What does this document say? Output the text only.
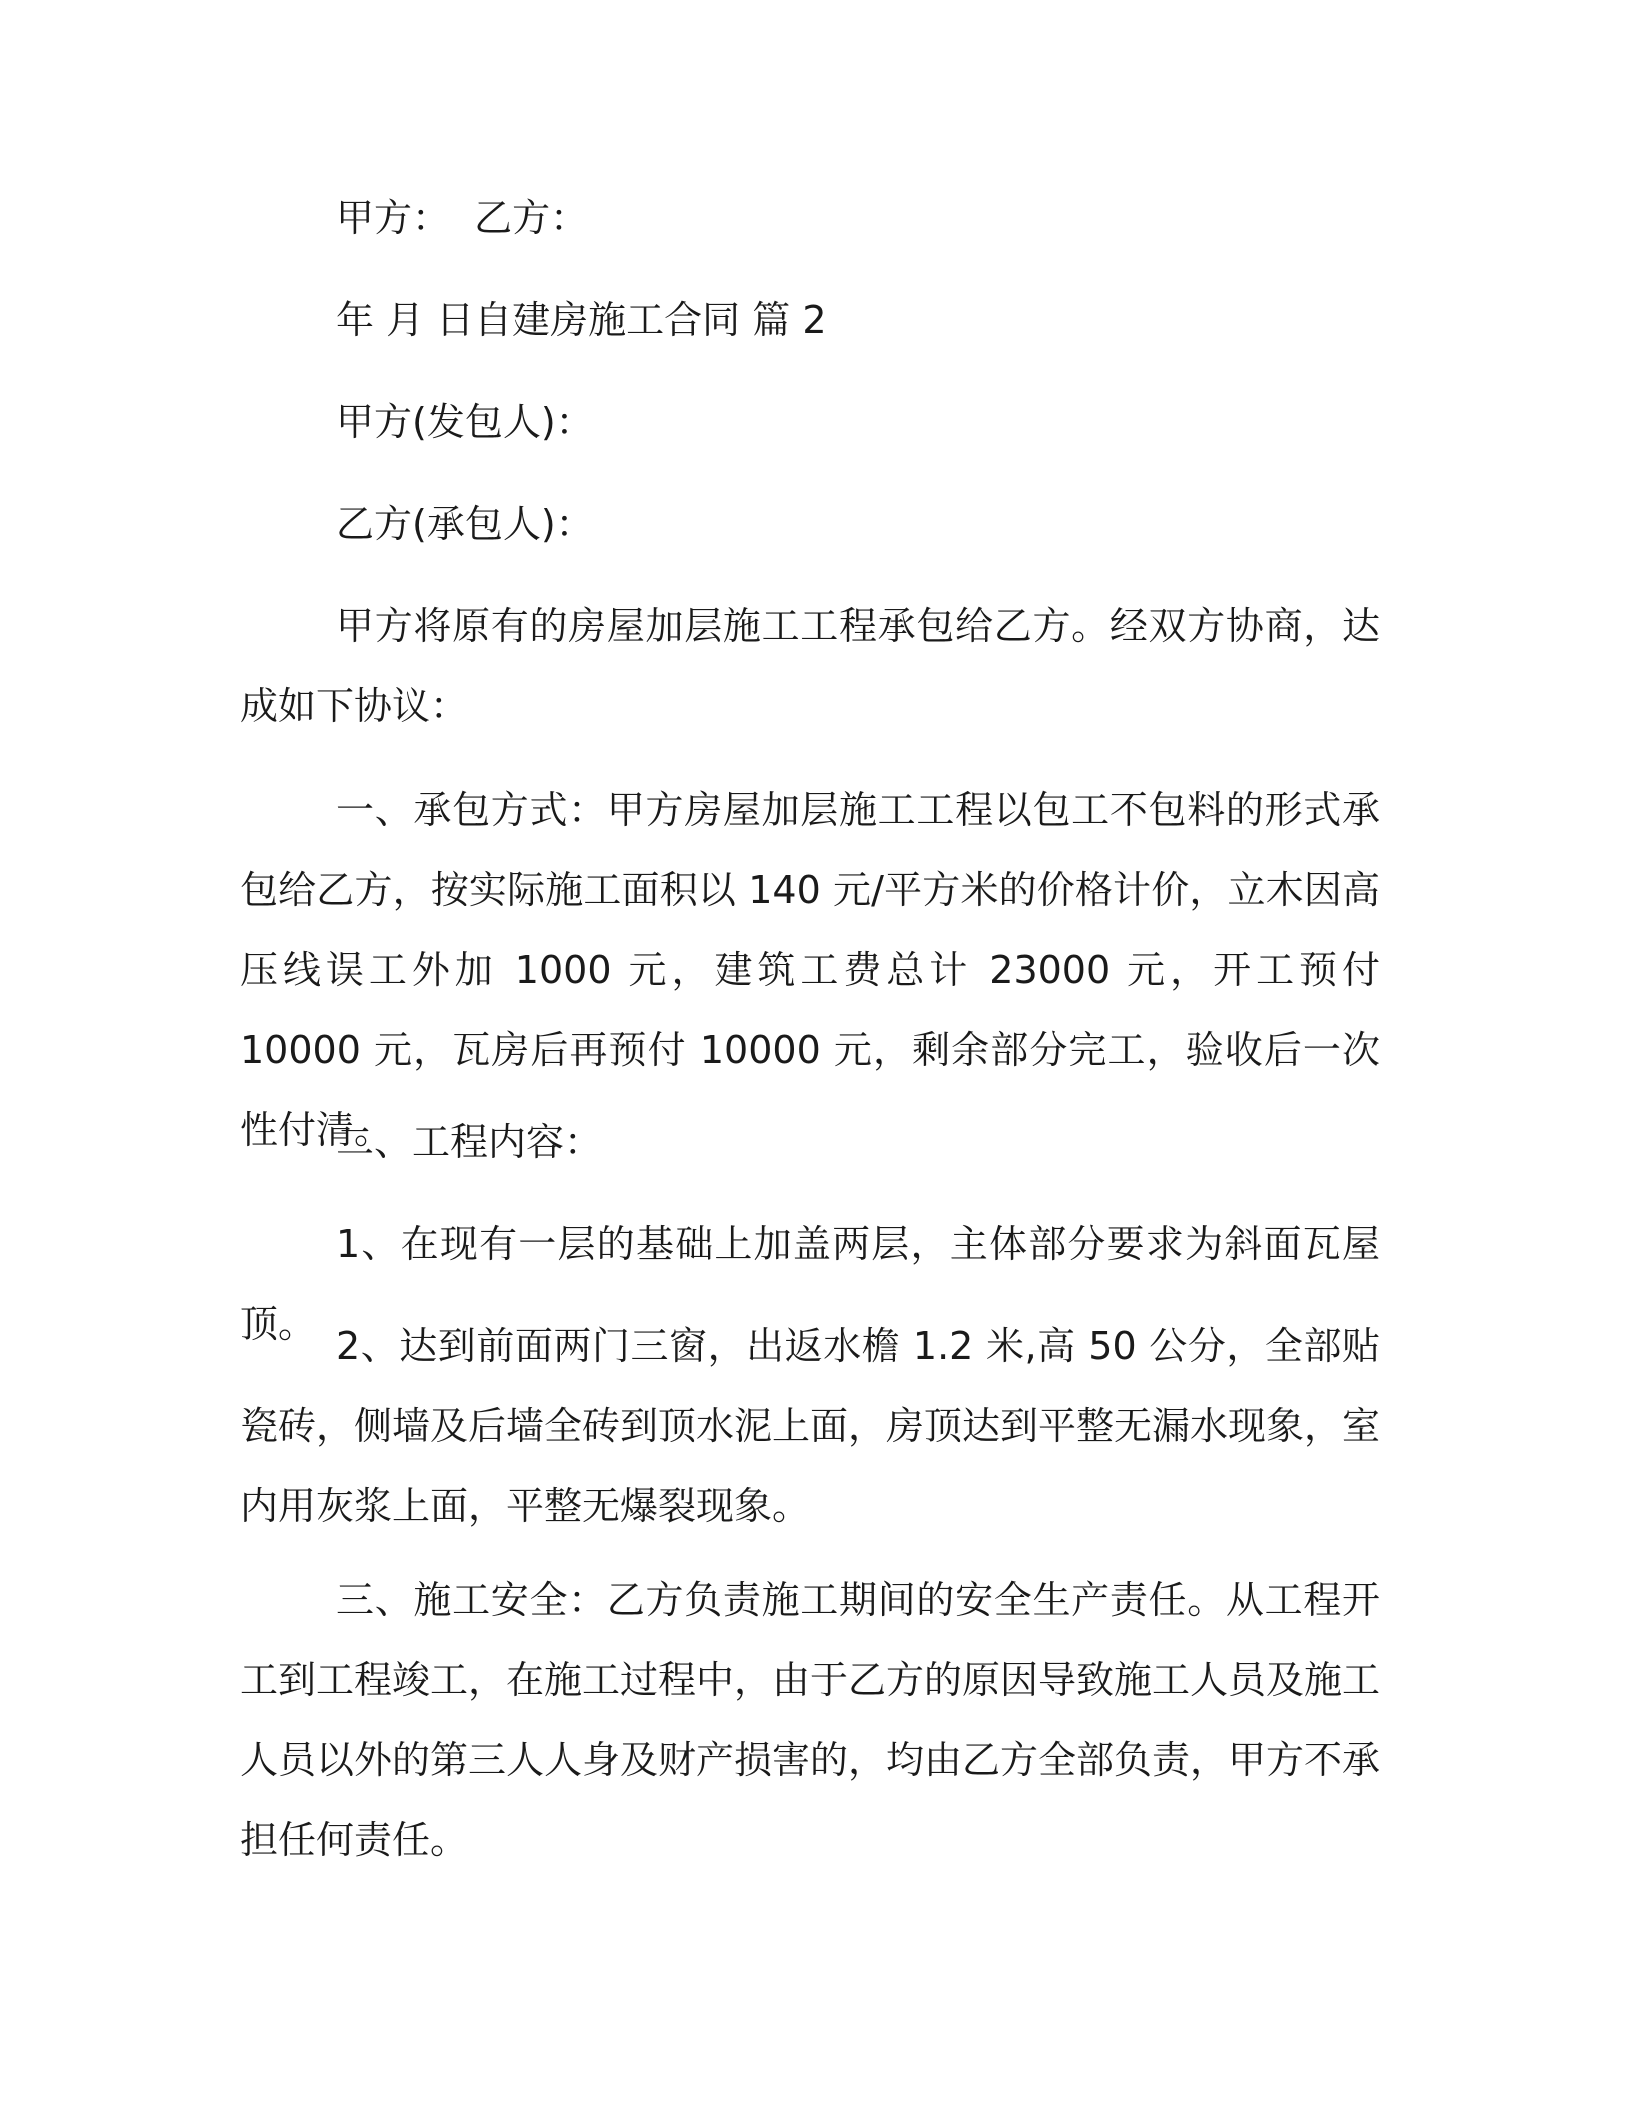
甲方：  乙方：

年 月 日自建房施工合同 篇 2

甲方(发包人)：

乙方(承包人)：

甲方将原有的房屋加层施工工程承包给乙方。经双方协商，达成如下协议：

一、承包方式：甲方房屋加层施工工程以包工不包料的形式承包给乙方，按实际施工面积以 140 元/平方米的价格计价，立木因高压线误工外加 1000 元，建筑工费总计 23000 元，开工预付 10000 元，瓦房后再预付 10000 元，剩余部分完工，验收后一次性付清。

二、工程内容：

1、在现有一层的基础上加盖两层，主体部分要求为斜面瓦屋顶。 2、达到前面两门三窗，出返水檐 1.2 米,高 50 公分，全部贴瓷砖，侧墙及后墙全砖到顶水泥上面，房顶达到平整无漏水现象，室内用灰浆上面，平整无爆裂现象。

三、施工安全：乙方负责施工期间的安全生产责任。从工程开工到工程竣工，在施工过程中，由于乙方的原因导致施工人员及施工人员以外的第三人人身及财产损害的，均由乙方全部负责，甲方不承担任何责任。
